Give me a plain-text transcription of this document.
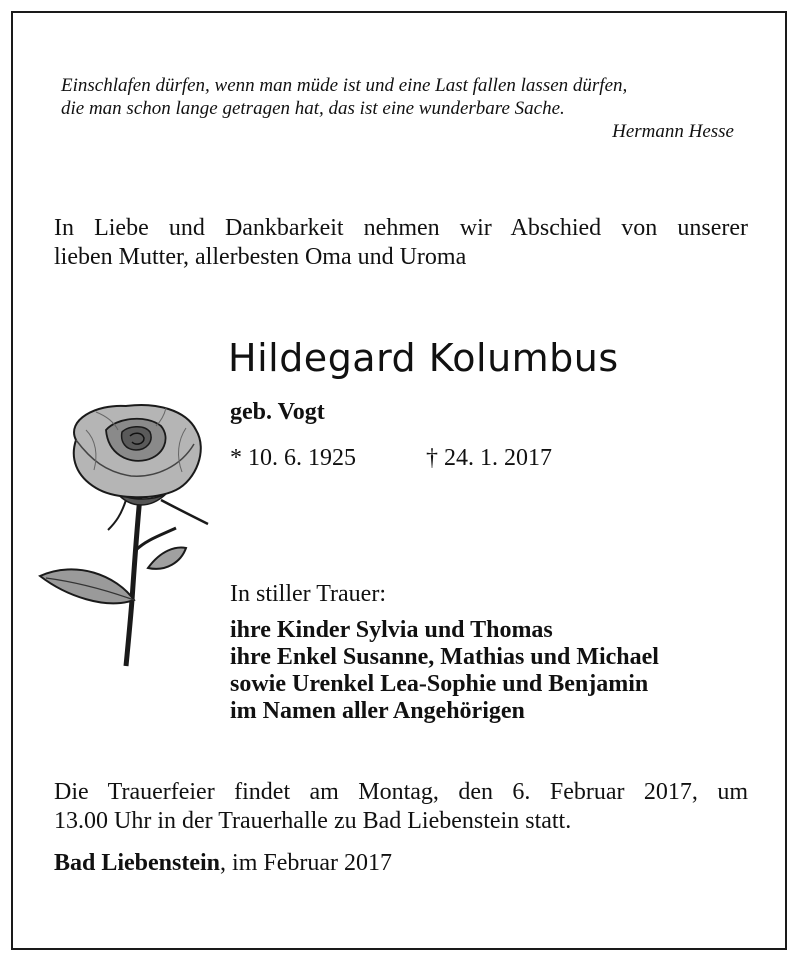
Einschlafen dürfen, wenn man müde ist und eine Last fallen lassen dürfen,
die man schon lange getragen hat, das ist eine wunderbare Sache.
Hermann Hesse
In Liebe und Dankbarkeit nehmen wir Abschied von unserer
lieben Mutter, allerbesten Oma und Uroma
Hildegard Kolumbus
geb. Vogt
* 10. 6. 1925	† 24. 1. 2017
In stiller Trauer:
ihre Kinder Sylvia und Thomas
ihre Enkel Susanne, Mathias und Michael
sowie Urenkel Lea-Sophie und Benjamin
im Namen aller Angehörigen
Die Trauerfeier findet am Montag, den 6. Februar 2017, um
13.00 Uhr in der Trauerhalle zu Bad Liebenstein statt.
Bad Liebenstein, im Februar 2017
